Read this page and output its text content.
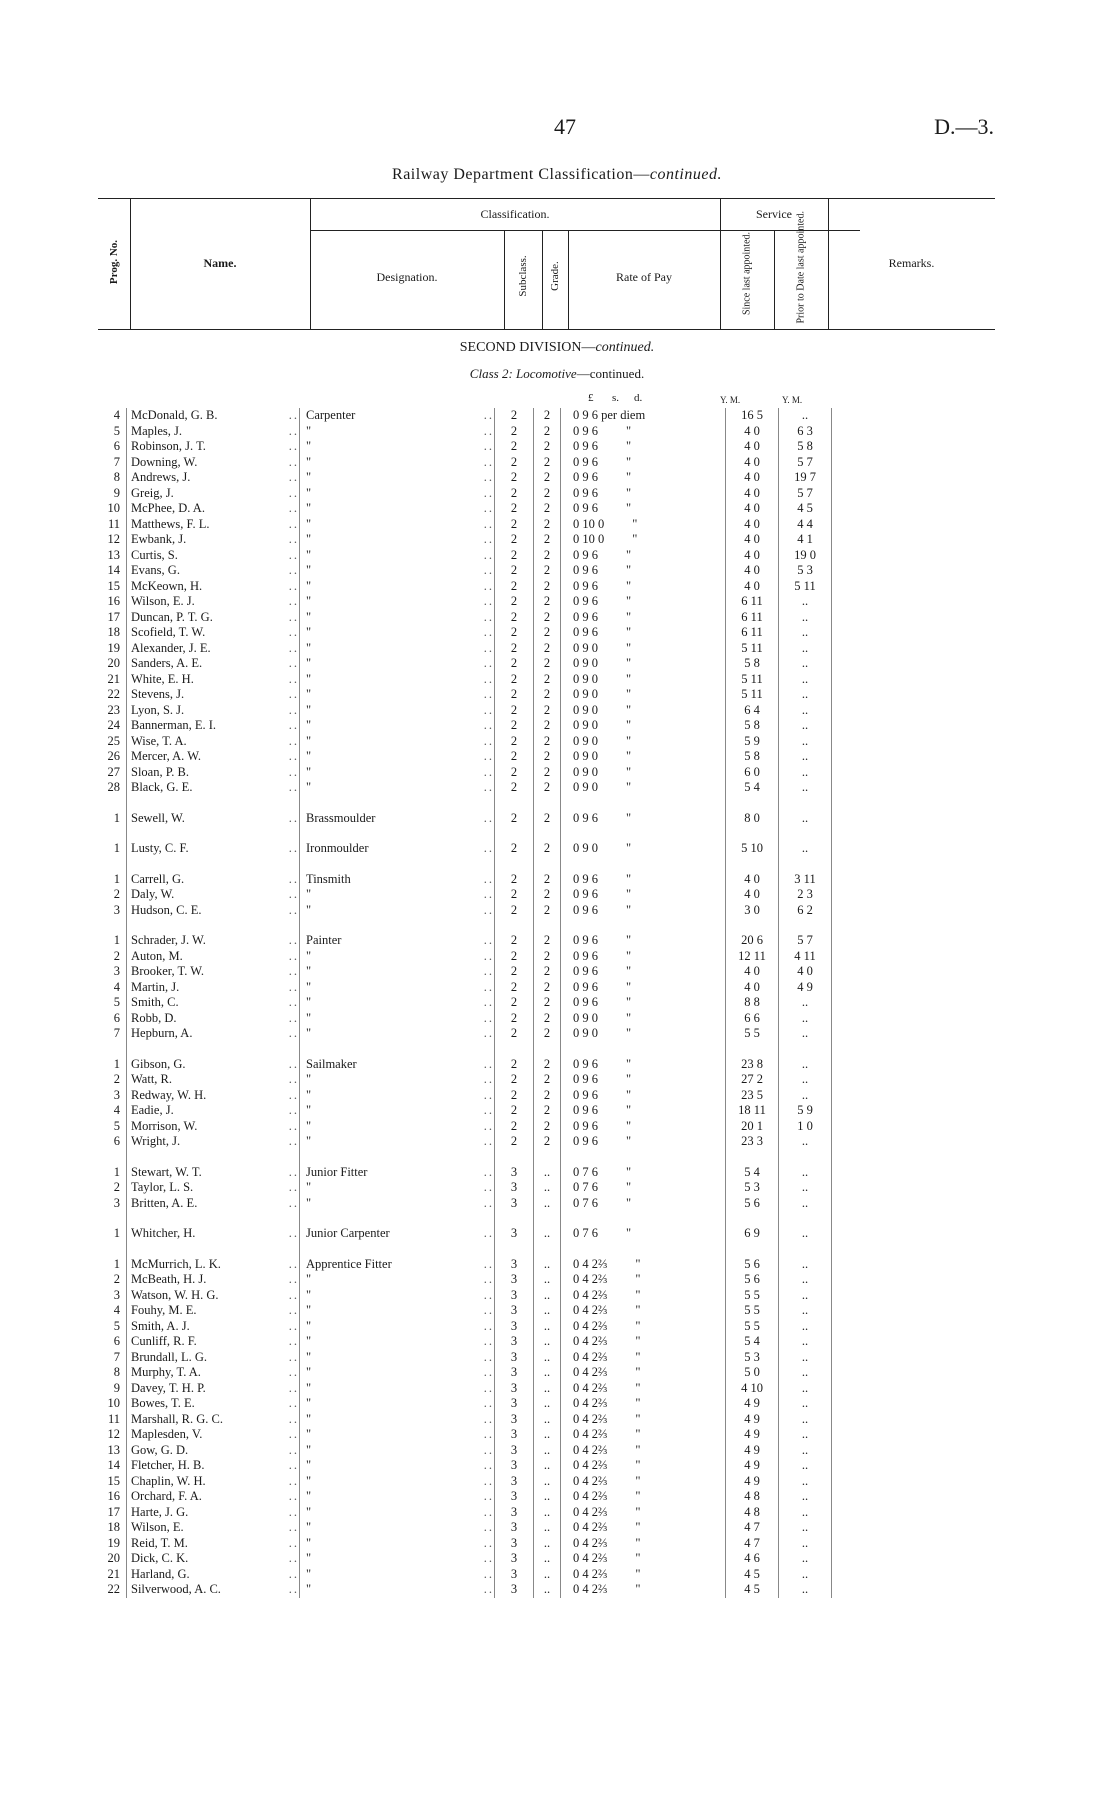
47	D.—3.
Railway Department Classification—continued.
Prog. No.	Name.
Classification.
Designation.	Subclass. Grade.	Rate of Pay
Service
Since last appointed.	Prior to Date last appointed.	Remarks.
SECOND DIVISION—continued.
Class 2: Locomotive—continued.
£ s. d.	Y. M.	Y. M.
4	McDonald, G. B. ..	Carpenter ..	2	2	0 9 6 per diem	16 5	..	
5	Maples, J. ..	" ..	2	2	0 9 6 "	4 0	6 3	
6	Robinson, J. T. ..	" ..	2	2	0 9 6 "	4 0	5 8	
7	Downing, W. ..	" ..	2	2	0 9 6 "	4 0	5 7	
8	Andrews, J. ..	" ..	2	2	0 9 6 "	4 0	19 7	
9	Greig, J. ..	" ..	2	2	0 9 6 "	4 0	5 7	
10	McPhee, D. A. ..	" ..	2	2	0 9 6 "	4 0	4 5	
11	Matthews, F. L. ..	" ..	2	2	0 10 0 "	4 0	4 4	
12	Ewbank, J. ..	" ..	2	2	0 10 0 "	4 0	4 1	
13	Curtis, S. ..	" ..	2	2	0 9 6 "	4 0	19 0	
14	Evans, G. ..	" ..	2	2	0 9 6 "	4 0	5 3	
15	McKeown, H. ..	" ..	2	2	0 9 6 "	4 0	5 11	
16	Wilson, E. J. ..	" ..	2	2	0 9 6 "	6 11	..	
17	Duncan, P. T. G. ..	" ..	2	2	0 9 6 "	6 11	..	
18	Scofield, T. W. ..	" ..	2	2	0 9 6 "	6 11	..	
19	Alexander, J. E. ..	" ..	2	2	0 9 0 "	5 11	..	
20	Sanders, A. E. ..	" ..	2	2	0 9 0 "	5 8	..	
21	White, E. H. ..	" ..	2	2	0 9 0 "	5 11	..	
22	Stevens, J. ..	" ..	2	2	0 9 0 "	5 11	..	
23	Lyon, S. J. ..	" ..	2	2	0 9 0 "	6 4	..	
24	Bannerman, E. I. ..	" ..	2	2	0 9 0 "	5 8	..	
25	Wise, T. A. ..	" ..	2	2	0 9 0 "	5 9	..	
26	Mercer, A. W. ..	" ..	2	2	0 9 0 "	5 8	..	
27	Sloan, P. B. ..	" ..	2	2	0 9 0 "	6 0	..	
28	Black, G. E. ..	" ..	2	2	0 9 0 "	5 4	..	

1	Sewell, W. ..	Brassmoulder ..	2	2	0 9 6 "	8 0	..	

1	Lusty, C. F. ..	Ironmoulder ..	2	2	0 9 0 "	5 10	..	

1	Carrell, G. ..	Tinsmith ..	2	2	0 9 6 "	4 0	3 11	
2	Daly, W. ..	" ..	2	2	0 9 6 "	4 0	2 3	
3	Hudson, C. E. ..	" ..	2	2	0 9 6 "	3 0	6 2	

1	Schrader, J. W. ..	Painter ..	2	2	0 9 6 "	20 6	5 7	
2	Auton, M. ..	" ..	2	2	0 9 6 "	12 11	4 11	
3	Brooker, T. W. ..	" ..	2	2	0 9 6 "	4 0	4 0	
4	Martin, J. ..	" ..	2	2	0 9 6 "	4 0	4 9	
5	Smith, C. ..	" ..	2	2	0 9 6 "	8 8	..	
6	Robb, D. ..	" ..	2	2	0 9 0 "	6 6	..	
7	Hepburn, A. ..	" ..	2	2	0 9 0 "	5 5	..	

1	Gibson, G. ..	Sailmaker ..	2	2	0 9 6 "	23 8	..	
2	Watt, R. ..	" ..	2	2	0 9 6 "	27 2	..	
3	Redway, W. H. ..	" ..	2	2	0 9 6 "	23 5	..	
4	Eadie, J. ..	" ..	2	2	0 9 6 "	18 11	5 9	
5	Morrison, W. ..	" ..	2	2	0 9 6 "	20 1	1 0	
6	Wright, J. ..	" ..	2	2	0 9 6 "	23 3	..	

1	Stewart, W. T. ..	Junior Fitter ..	3	..	0 7 6 "	5 4	..	
2	Taylor, L. S. ..	" ..	3	..	0 7 6 "	5 3	..	
3	Britten, A. E. ..	" ..	3	..	0 7 6 "	5 6	..	

1	Whitcher, H. ..	Junior Carpenter ..	3	..	0 7 6 "	6 9	..	

1	McMurrich, L. K. ..	Apprentice Fitter ..	3	..	0 4 2⅔ "	5 6	..	
2	McBeath, H. J. ..	" ..	3	..	0 4 2⅔ "	5 6	..	
3	Watson, W. H. G. ..	" ..	3	..	0 4 2⅔ "	5 5	..	
4	Fouhy, M. E. ..	" ..	3	..	0 4 2⅔ "	5 5	..	
5	Smith, A. J. ..	" ..	3	..	0 4 2⅔ "	5 5	..	
6	Cunliff, R. F. ..	" ..	3	..	0 4 2⅔ "	5 4	..	
7	Brundall, L. G. ..	" ..	3	..	0 4 2⅔ "	5 3	..	
8	Murphy, T. A. ..	" ..	3	..	0 4 2⅔ "	5 0	..	
9	Davey, T. H. P. ..	" ..	3	..	0 4 2⅔ "	4 10	..	
10	Bowes, T. E. ..	" ..	3	..	0 4 2⅔ "	4 9	..	
11	Marshall, R. G. C. ..	" ..	3	..	0 4 2⅔ "	4 9	..	
12	Maplesden, V. ..	" ..	3	..	0 4 2⅔ "	4 9	..	
13	Gow, G. D. ..	" ..	3	..	0 4 2⅔ "	4 9	..	
14	Fletcher, H. B. ..	" ..	3	..	0 4 2⅔ "	4 9	..	
15	Chaplin, W. H. ..	" ..	3	..	0 4 2⅔ "	4 9	..	
16	Orchard, F. A. ..	" ..	3	..	0 4 2⅔ "	4 8	..	
17	Harte, J. G. ..	" ..	3	..	0 4 2⅔ "	4 8	..	
18	Wilson, E. ..	" ..	3	..	0 4 2⅔ "	4 7	..	
19	Reid, T. M. ..	" ..	3	..	0 4 2⅔ "	4 7	..	
20	Dick, C. K. ..	" ..	3	..	0 4 2⅔ "	4 6	..	
21	Harland, G. ..	" ..	3	..	0 4 2⅔ "	4 5	..	
22	Silverwood, A. C. ..	" ..	3	..	0 4 2⅔ "	4 5	..	
